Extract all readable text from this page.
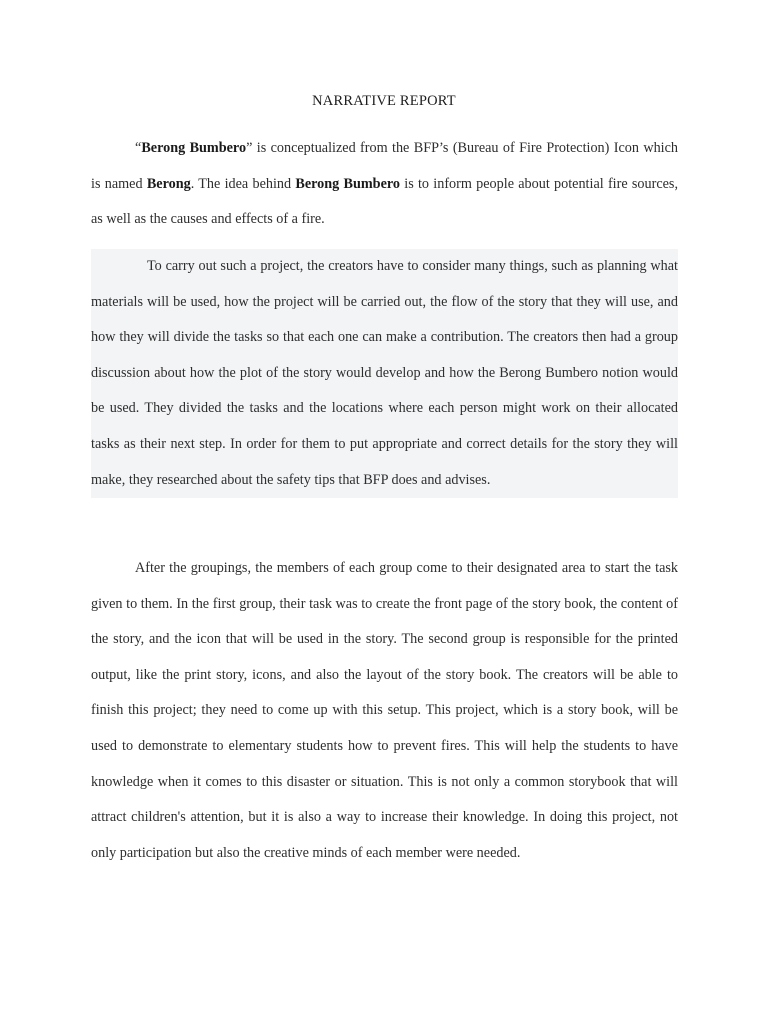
NARRATIVE REPORT

“Berong Bumbero” is conceptualized from the BFP’s (Bureau of Fire Protection) Icon which is named Berong. The idea behind Berong Bumbero is to inform people about potential fire sources, as well as the causes and effects of a fire.

To carry out such a project, the creators have to consider many things, such as planning what materials will be used, how the project will be carried out, the flow of the story that they will use, and how they will divide the tasks so that each one can make a contribution. The creators then had a group discussion about how the plot of the story would develop and how the Berong Bumbero notion would be used. They divided the tasks and the locations where each person might work on their allocated tasks as their next step. In order for them to put appropriate and correct details for the story they will make, they researched about the safety tips that BFP does and advises.

After the groupings, the members of each group come to their designated area to start the task given to them. In the first group, their task was to create the front page of the story book, the content of the story, and the icon that will be used in the story. The second group is responsible for the printed output, like the print story, icons, and also the layout of the story book. The creators will be able to finish this project; they need to come up with this setup. This project, which is a story book, will be used to demonstrate to elementary students how to prevent fires. This will help the students to have knowledge when it comes to this disaster or situation. This is not only a common storybook that will attract children's attention, but it is also a way to increase their knowledge. In doing this project, not only participation but also the creative minds of each member were needed.
